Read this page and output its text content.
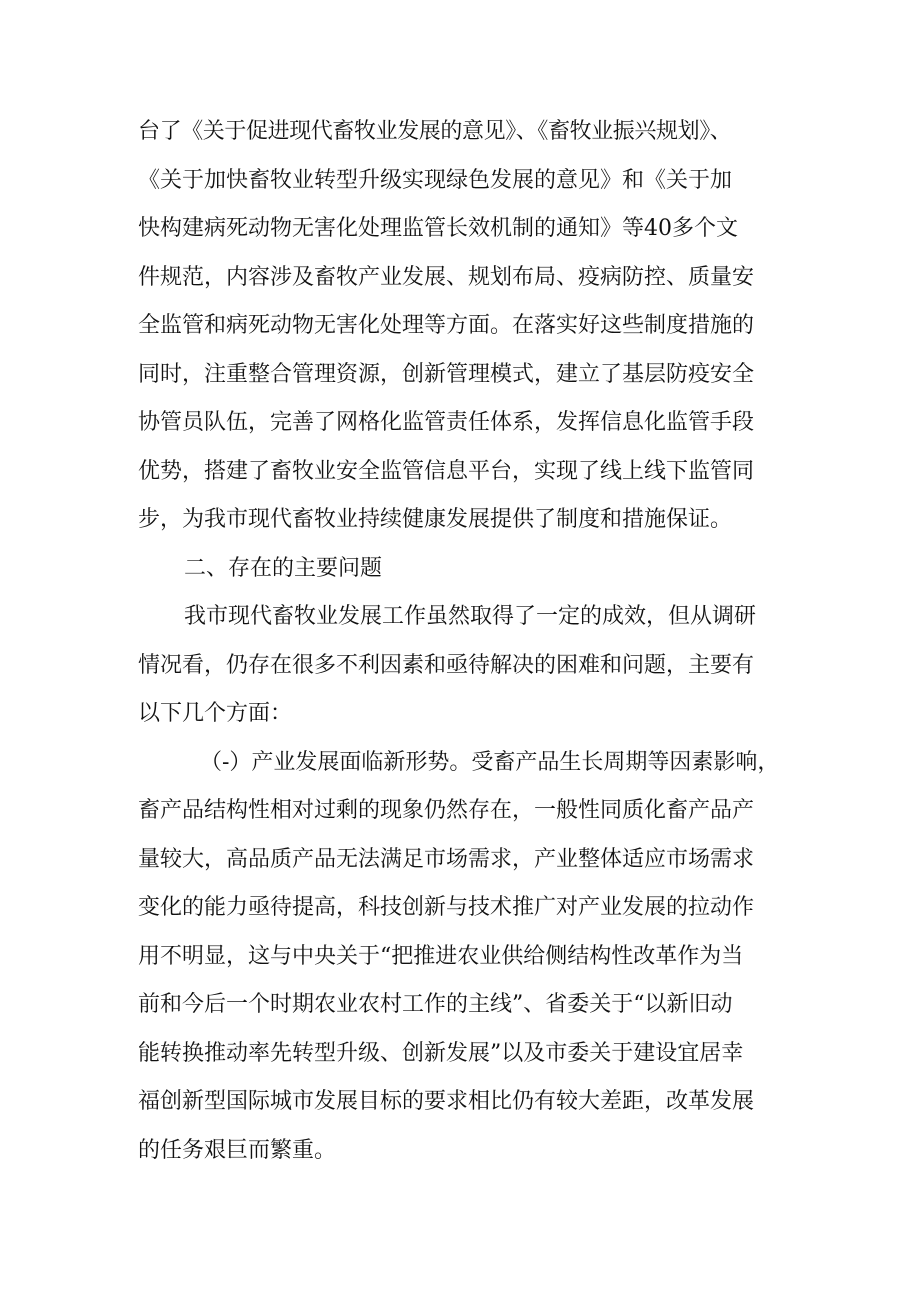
台了《关于促进现代畜牧业发展的意见》、《畜牧业振兴规划》、
《关于加快畜牧业转型升级实现绿色发展的意见》和《关于加
快构建病死动物无害化处理监管长效机制的通知》等40多个文
件规范，内容涉及畜牧产业发展、规划布局、疫病防控、质量安
全监管和病死动物无害化处理等方面。在落实好这些制度措施的
同时，注重整合管理资源，创新管理模式，建立了基层防疫安全
协管员队伍，完善了网格化监管责任体系，发挥信息化监管手段
优势，搭建了畜牧业安全监管信息平台，实现了线上线下监管同
步，为我市现代畜牧业持续健康发展提供了制度和措施保证。
二、存在的主要问题
我市现代畜牧业发展工作虽然取得了一定的成效，但从调研
情况看，仍存在很多不利因素和亟待解决的困难和问题，主要有
以下几个方面：
（-）产业发展面临新形势。受畜产品生长周期等因素影响，
畜产品结构性相对过剩的现象仍然存在，一般性同质化畜产品产
量较大，高品质产品无法满足市场需求，产业整体适应市场需求
变化的能力亟待提高，科技创新与技术推广对产业发展的拉动作
用不明显，这与中央关于“把推进农业供给侧结构性改革作为当
前和今后一个时期农业农村工作的主线”、省委关于“以新旧动
能转换推动率先转型升级、创新发展”以及市委关于建设宜居幸
福创新型国际城市发展目标的要求相比仍有较大差距，改革发展
的任务艰巨而繁重。
